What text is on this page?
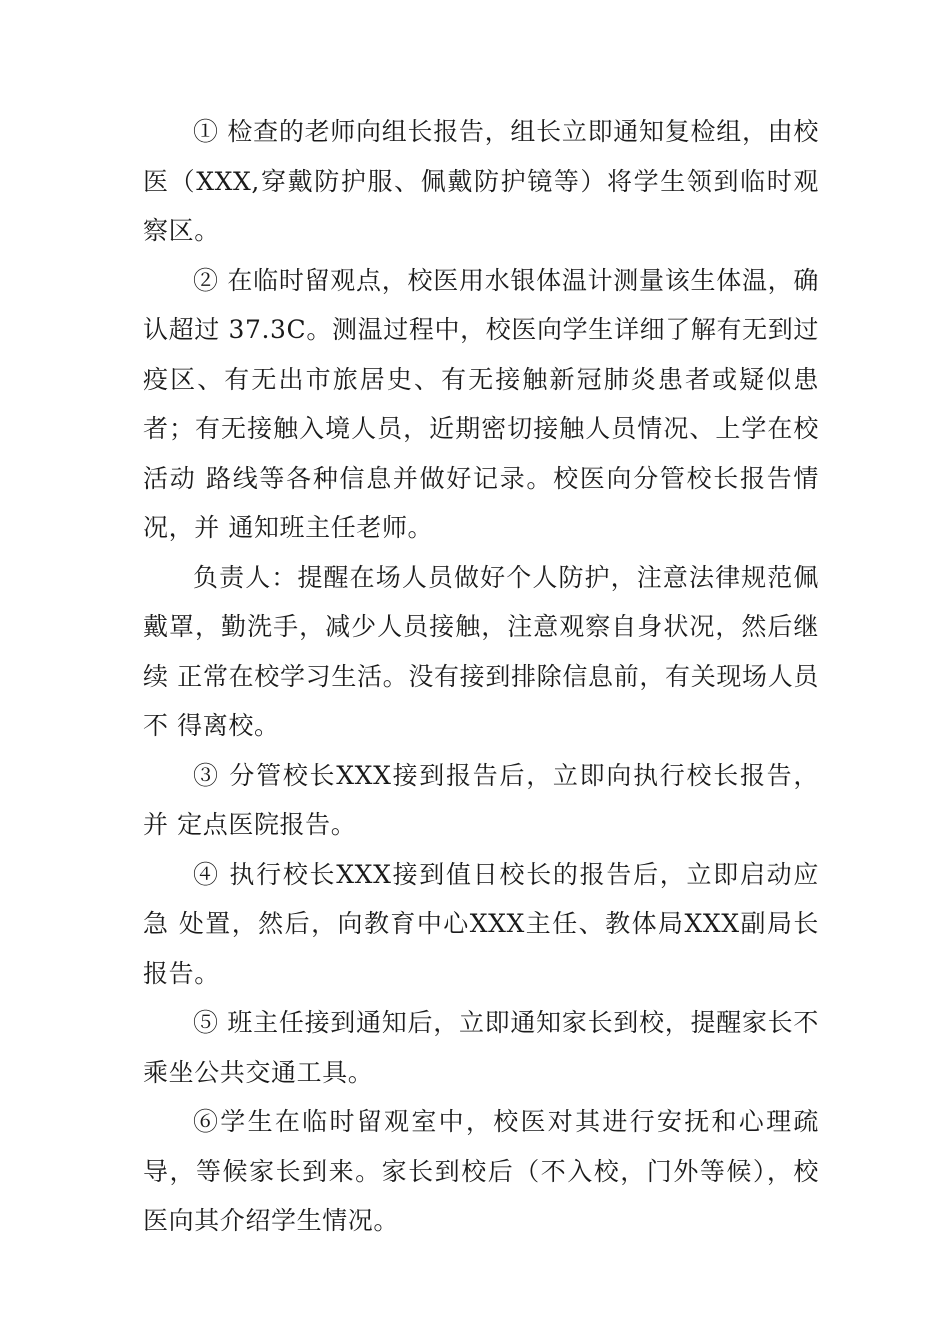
① 检查的老师向组长报告，组长立即通知复检组，由校医（XXX,穿戴防护服、佩戴防护镜等）将学生领到临时观 察区。

② 在临时留观点，校医用水银体温计测量该生体温，确认超过 37.3C。测温过程中，校医向学生详细了解有无到过 疫区、有无出市旅居史、有无接触新冠肺炎患者或疑似患者；有无接触入境人员，近期密切接触人员情况、上学在校活动 路线等各种信息并做好记录。校医向分管校长报告情况，并 通知班主任老师。

负责人：提醒在场人员做好个人防护，注意法律规范佩戴罩，勤洗手，减少人员接触，注意观察自身状况，然后继续 正常在校学习生活。没有接到排除信息前，有关现场人员不 得离校。

③ 分管校长XXX接到报告后，立即向执行校长报告，并 定点医院报告。

④ 执行校长XXX接到值日校长的报告后，立即启动应急 处置，然后，向教育中心XXX主任、教体局XXX副局长报告。

⑤ 班主任接到通知后，立即通知家长到校，提醒家长不乘坐公共交通工具。

⑥学生在临时留观室中，校医对其进行安抚和心理疏 导，等候家长到来。家长到校后（不入校，门外等候），校 医向其介绍学生情况。
